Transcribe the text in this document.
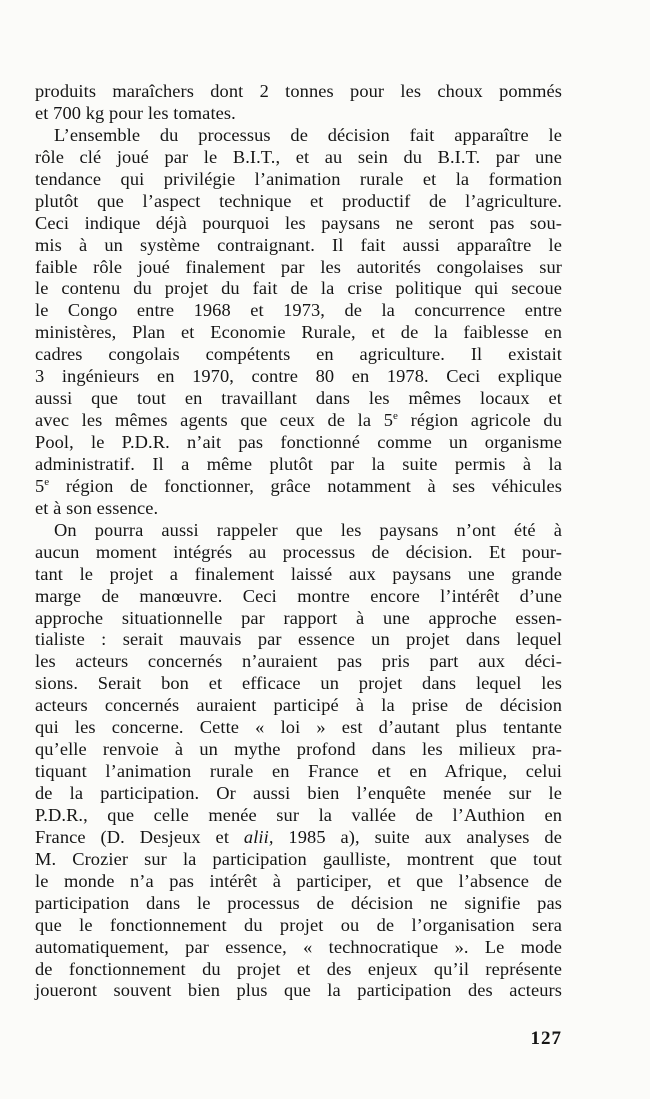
produits maraîchers dont 2 tonnes pour les choux pommés
et 700 kg pour les tomates.
L’ensemble du processus de décision fait apparaître le
rôle clé joué par le B.I.T., et au sein du B.I.T. par une
tendance qui privilégie l’animation rurale et la formation
plutôt que l’aspect technique et productif de l’agriculture.
Ceci indique déjà pourquoi les paysans ne seront pas sou-
mis à un système contraignant. Il fait aussi apparaître le
faible rôle joué finalement par les autorités congolaises sur
le contenu du projet du fait de la crise politique qui secoue
le Congo entre 1968 et 1973, de la concurrence entre
ministères, Plan et Economie Rurale, et de la faiblesse en
cadres congolais compétents en agriculture. Il existait
3 ingénieurs en 1970, contre 80 en 1978. Ceci explique
aussi que tout en travaillant dans les mêmes locaux et
avec les mêmes agents que ceux de la 5e région agricole du
Pool, le P.D.R. n’ait pas fonctionné comme un organisme
administratif. Il a même plutôt par la suite permis à la
5e région de fonctionner, grâce notamment à ses véhicules
et à son essence.
On pourra aussi rappeler que les paysans n’ont été à
aucun moment intégrés au processus de décision. Et pour-
tant le projet a finalement laissé aux paysans une grande
marge de manœuvre. Ceci montre encore l’intérêt d’une
approche situationnelle par rapport à une approche essen-
tialiste : serait mauvais par essence un projet dans lequel
les acteurs concernés n’auraient pas pris part aux déci-
sions. Serait bon et efficace un projet dans lequel les
acteurs concernés auraient participé à la prise de décision
qui les concerne. Cette « loi » est d’autant plus tentante
qu’elle renvoie à un mythe profond dans les milieux pra-
tiquant l’animation rurale en France et en Afrique, celui
de la participation. Or aussi bien l’enquête menée sur le
P.D.R., que celle menée sur la vallée de l’Authion en
France (D. Desjeux et alii, 1985 a), suite aux analyses de
M. Crozier sur la participation gaulliste, montrent que tout
le monde n’a pas intérêt à participer, et que l’absence de
participation dans le processus de décision ne signifie pas
que le fonctionnement du projet ou de l’organisation sera
automatiquement, par essence, « technocratique ». Le mode
de fonctionnement du projet et des enjeux qu’il représente
joueront souvent bien plus que la participation des acteurs
127
